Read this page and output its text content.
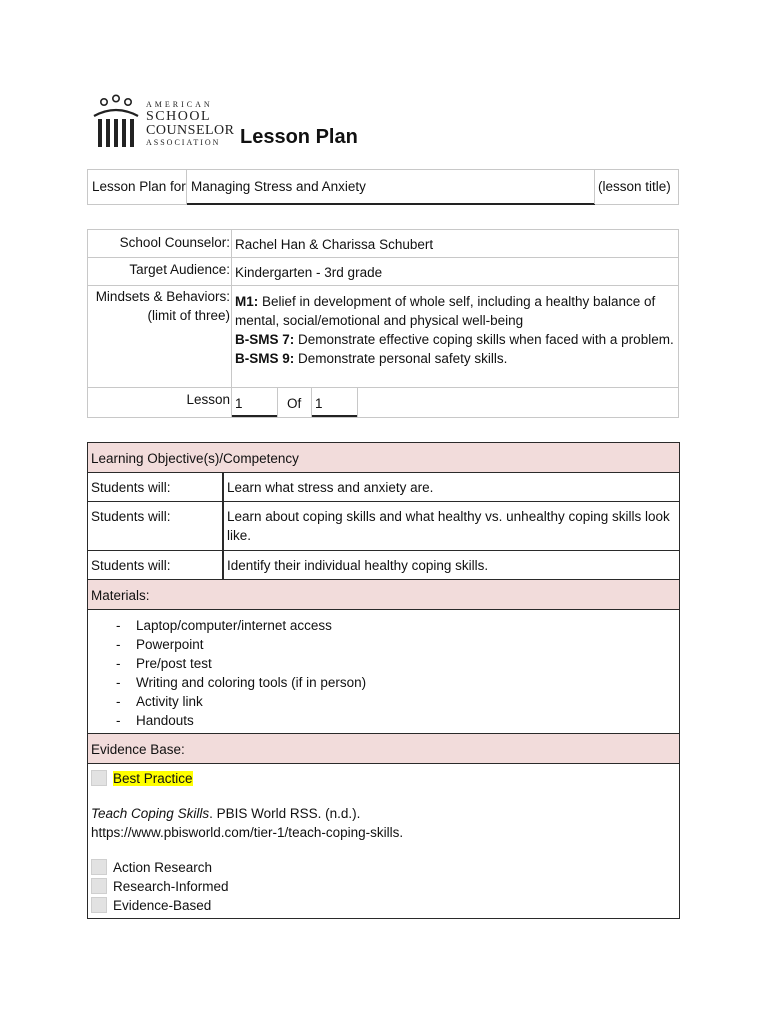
AMERICAN
SCHOOL
COUNSELOR
ASSOCIATION Lesson Plan
Lesson Plan for Managing Stress and Anxiety	(lesson title)
School Counselor: Rachel Han & Charissa Schubert
Target Audience: Kindergarten - 3rd grade
Mindsets & Behaviors:
(limit of three)
M1: Belief in development of whole self, including a healthy balance of mental, social/emotional and physical well-being
B-SMS 7: Demonstrate effective coping skills when faced with a problem.
B-SMS 9: Demonstrate personal safety skills.
Lesson 1	Of 1
Learning Objective(s)/Competency
Students will:	Learn what stress and anxiety are.
Students will:	Learn about coping skills and what healthy vs. unhealthy coping skills look like.
Students will:	Identify their individual healthy coping skills.
Materials:
- Laptop/computer/internet access
- Powerpoint
- Pre/post test
- Writing and coloring tools (if in person)
- Activity link
- Handouts
Evidence Base:
Best Practice
Teach Coping Skills. PBIS World RSS. (n.d.).
https://www.pbisworld.com/tier-1/teach-coping-skills.
Action Research
Research-Informed
Evidence-Based
